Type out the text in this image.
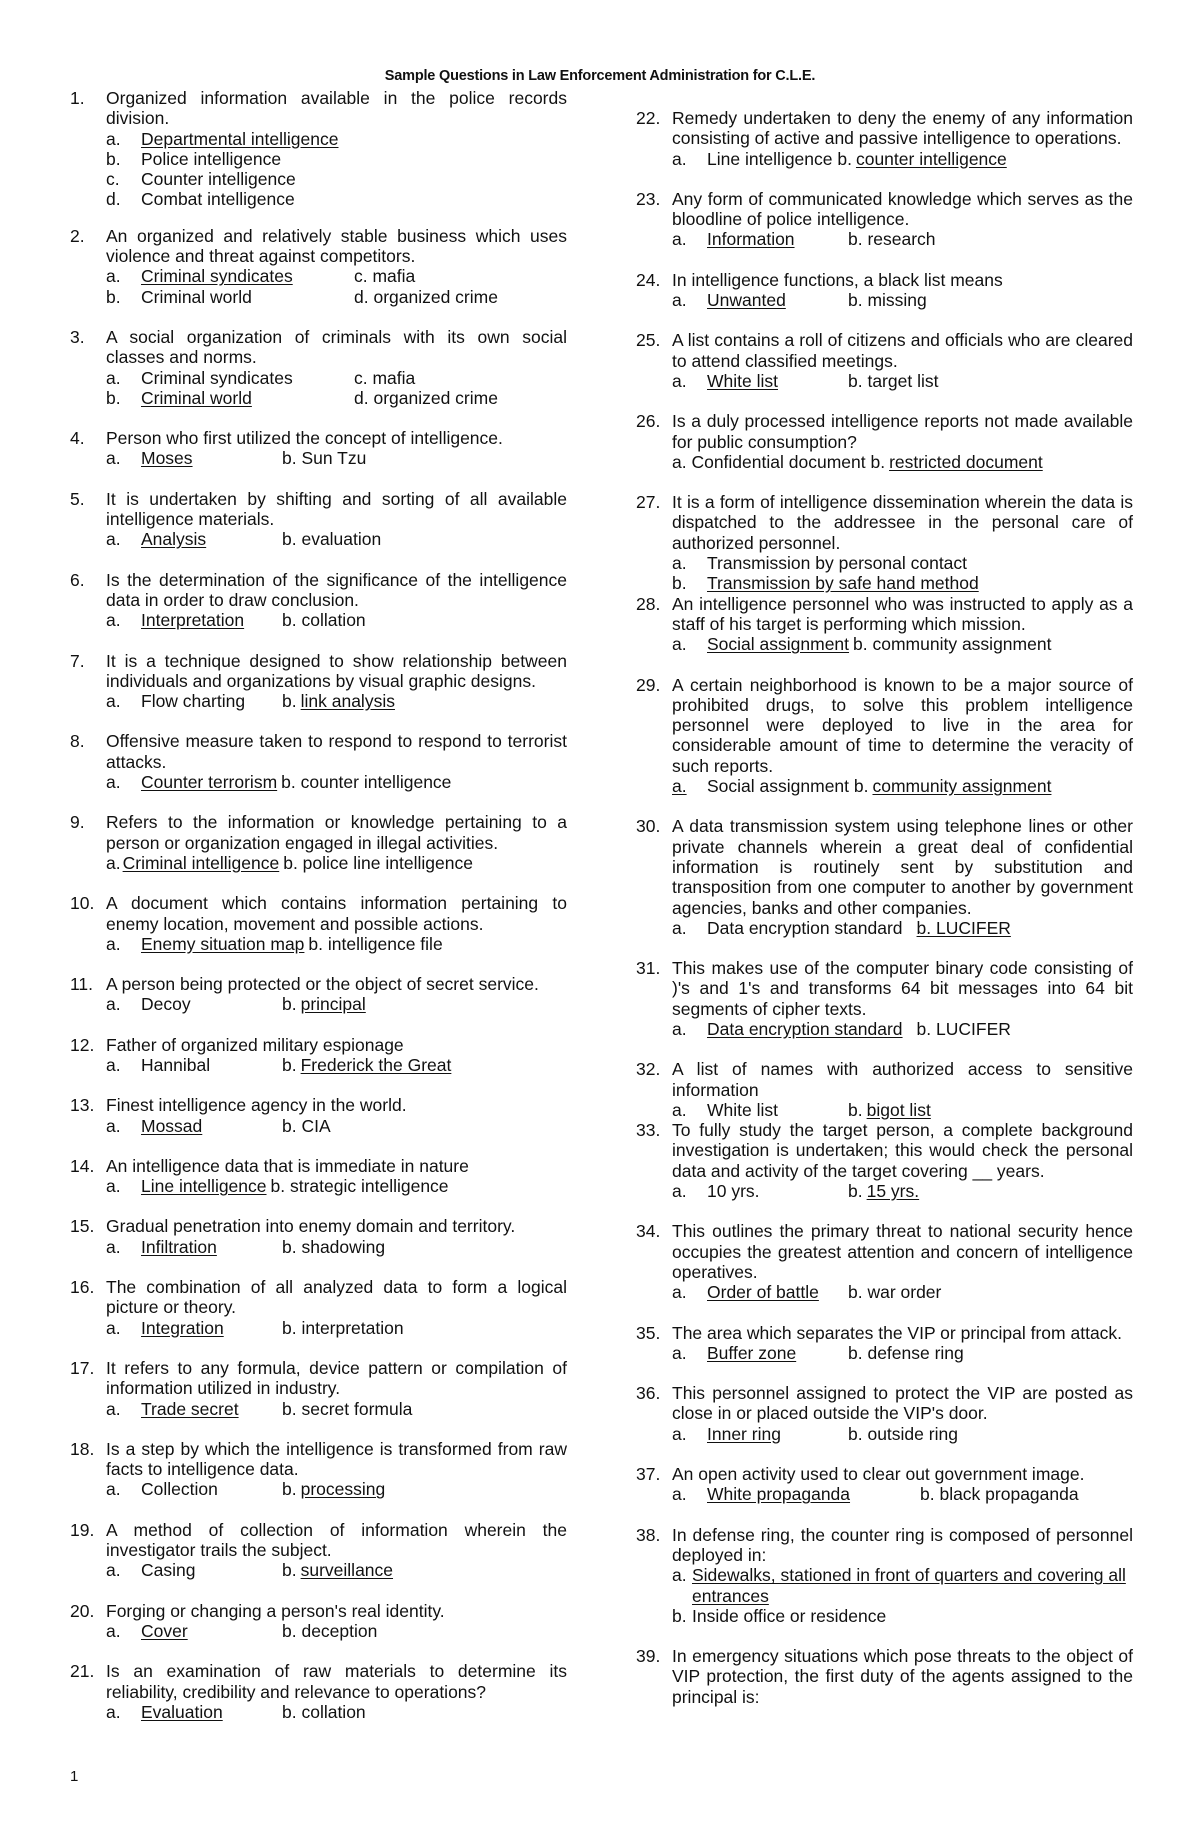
Sample Questions in Law Enforcement Administration for C.L.E.
1.	Organized information available in the police records division.
a.	Departmental intelligence
b.	Police intelligence
c.	Counter intelligence
d.	Combat intelligence
2.	An organized and relatively stable business which uses violence and threat against competitors.
a.	Criminal syndicates	c. mafia
b.	Criminal world	d. organized crime
3.	A social organization of criminals with its own social classes and norms.
a.	Criminal syndicates	c. mafia
b.	Criminal world	d. organized crime
4.	Person who first utilized the concept of intelligence.
a.	Moses	b. Sun Tzu
5.	It is undertaken by shifting and sorting of all available intelligence materials.
a.	Analysis	b. evaluation
6.	Is the determination of the significance of the intelligence data in order to draw conclusion.
a.	Interpretation	b. collation
7.	It is a technique designed to show relationship between individuals and organizations by visual graphic designs.
a.	Flow charting	b. link analysis
8.	Offensive measure taken to respond to respond to terrorist attacks.
a.	Counter terrorism b. counter intelligence
9.	Refers to the information or knowledge pertaining to a person or organization engaged in illegal activities.
a. Criminal intelligence b. police line intelligence
10. A document which contains information pertaining to enemy location, movement and possible actions.
a.	Enemy situation map b. intelligence file
11. A person being protected or the object of secret service.
a.	Decoy	b. principal
12. Father of organized military espionage
a.	Hannibal	b. Frederick the Great
13. Finest intelligence agency in the world.
a.	Mossad	b. CIA
14. An intelligence data that is immediate in nature
a.	Line intelligence b. strategic intelligence
15. Gradual penetration into enemy domain and territory.
a.	Infiltration	b. shadowing
16. The combination of all analyzed data to form a logical picture or theory.
a.	Integration	b. interpretation
17. It refers to any formula, device pattern or compilation of information utilized in industry.
a.	Trade secret	b. secret formula
18. Is a step by which the intelligence is transformed from raw facts to intelligence data.
a.	Collection	b. processing
19. A method of collection of information wherein the investigator trails the subject.
a.	Casing	b. surveillance
20. Forging or changing a person's real identity.
a.	Cover	b. deception
21. Is an examination of raw materials to determine its reliability, credibility and relevance to operations?
a.	Evaluation	b. collation
22. Remedy undertaken to deny the enemy of any information consisting of active and passive intelligence to operations.
a.	Line intelligence b. counter intelligence
23. Any form of communicated knowledge which serves as the bloodline of police intelligence.
a.	Information	b. research
24. In intelligence functions, a black list means
a.	Unwanted	b. missing
25. A list contains a roll of citizens and officials who are cleared to attend classified meetings.
a.	White list	b. target list
26. Is a duly processed intelligence reports not made available for public consumption?
a. Confidential document b. restricted document
27. It is a form of intelligence dissemination wherein the data is dispatched to the addressee in the personal care of authorized personnel.
a.	Transmission by personal contact
b.	Transmission by safe hand method
28. An intelligence personnel who was instructed to apply as a staff of his target is performing which mission.
a.	Social assignment b. community assignment
29. A certain neighborhood is known to be a major source of prohibited drugs, to solve this problem intelligence personnel were deployed to live in the area for considerable amount of time to determine the veracity of such reports.
a.	Social assignment b. community assignment
30. A data transmission system using telephone lines or other private channels wherein a great deal of confidential information is routinely sent by substitution and transposition from one computer to another by government agencies, banks and other companies.
a.	Data encryption standard b. LUCIFER
31. This makes use of the computer binary code consisting of )'s and 1's and transforms 64 bit messages into 64 bit segments of cipher texts.
a.	Data encryption standard b. LUCIFER
32. A list of names with authorized access to sensitive information
a.	White list	b. bigot list
33. To fully study the target person, a complete background investigation is undertaken; this would check the personal data and activity of the target covering __ years.
a.	10 yrs.	b. 15 yrs.
34. This outlines the primary threat to national security hence occupies the greatest attention and concern of intelligence operatives.
a.	Order of battle	b. war order
35. The area which separates the VIP or principal from attack.
a.	Buffer zone	b. defense ring
36. This personnel assigned to protect the VIP are posted as close in or placed outside the VIP's door.
a.	Inner ring	b. outside ring
37. An open activity used to clear out government image.
a.	White propaganda	b. black propaganda
38. In defense ring, the counter ring is composed of personnel deployed in:
a. Sidewalks, stationed in front of quarters and covering all entrances
b. Inside office or residence
39. In emergency situations which pose threats to the object of VIP protection, the first duty of the agents assigned to the principal is:
1
